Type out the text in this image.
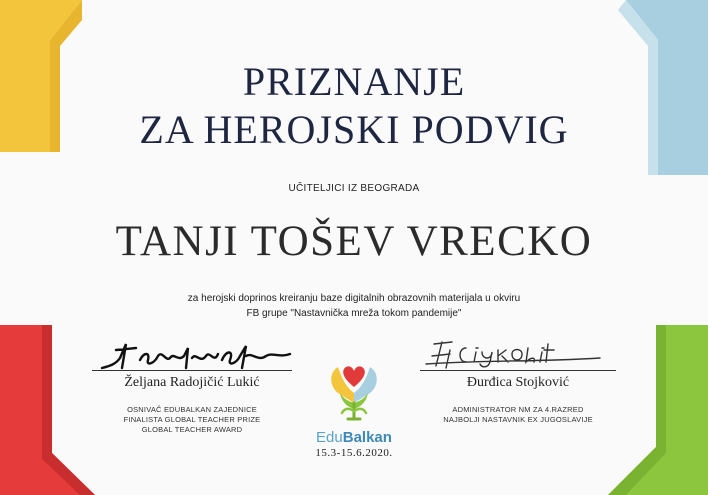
PRIZNANJE
ZA HEROJSKI PODVIG
UČITELJICI IZ BEOGRADA
TANJI TOŠEV VRECKO
za herojski doprinos kreiranju baze digitalnih obrazovnih materijala u okviru
FB grupe "Nastavnička mreža tokom pandemije"
Željana Radojičić Lukić
OSNIVAČ EDUBALKAN ZAJEDNICE
FINALISTA GLOBAL TEACHER PRIZE
GLOBAL TEACHER AWARD
Đurđica Stojković
ADMINISTRATOR NM ZA 4.RAZRED
NAJBOLJI NASTAVNIK EX JUGOSLAVIJE
EduBalkan
15.3-15.6.2020.
